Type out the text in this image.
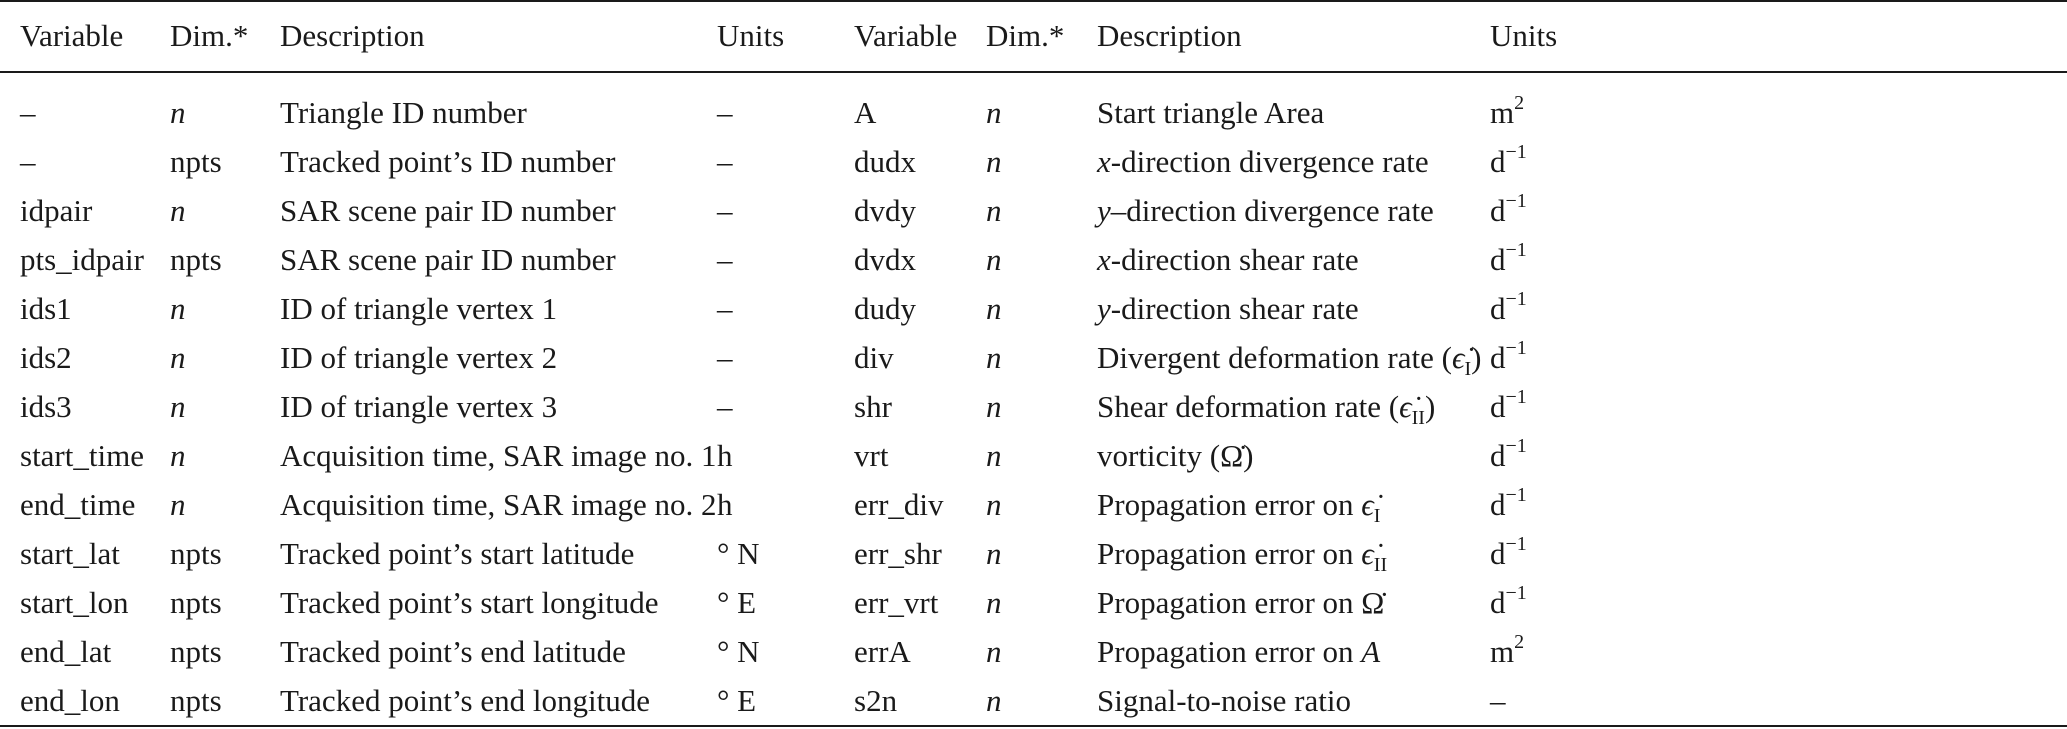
Variable	Dim.*	Description	Units	Variable	Dim.*	Description	Units

–	n	Triangle ID number	–	A	n	Start triangle Area	$m^2$
–	npts	Tracked point’s ID number	–	dudx	n	x-direction divergence rate	$d^{-1}$
idpair	n	SAR scene pair ID number	–	dvdy	n	y–direction divergence rate	$d^{-1}$
pts_idpair	npts	SAR scene pair ID number	–	dvdx	n	x-direction shear rate	$d^{-1}$
ids1	n	ID of triangle vertex 1	–	dudy	n	y-direction shear rate	$d^{-1}$
ids2	n	ID of triangle vertex 2	–	div	n	Divergent deformation rate $(\epsiloṅ_I)$	$d^{-1}$
ids3	n	ID of triangle vertex 3	–	shr	n	Shear deformation rate $(\epsiloṅ_{II})$	$d^{-1}$
start_time	n	Acquisition time, SAR image no. 1	h	vrt	n	vorticity (Ω̇)	$d^{-1}$
end_time	n	Acquisition time, SAR image no. 2	h	err_div	n	Propagation error on $\epsiloṅ_I$	$d^{-1}$
start_lat	npts	Tracked point’s start latitude	° N	err_shr	n	Propagation error on $\epsiloṅ_{II}$	$d^{-1}$
start_lon	npts	Tracked point’s start longitude	° E	err_vrt	n	Propagation error on Ω̇	$d^{-1}$
end_lat	npts	Tracked point’s end latitude	° N	errA	n	Propagation error on A	$m^2$
end_lon	npts	Tracked point’s end longitude	° E	s2n	n	Signal-to-noise ratio	–
